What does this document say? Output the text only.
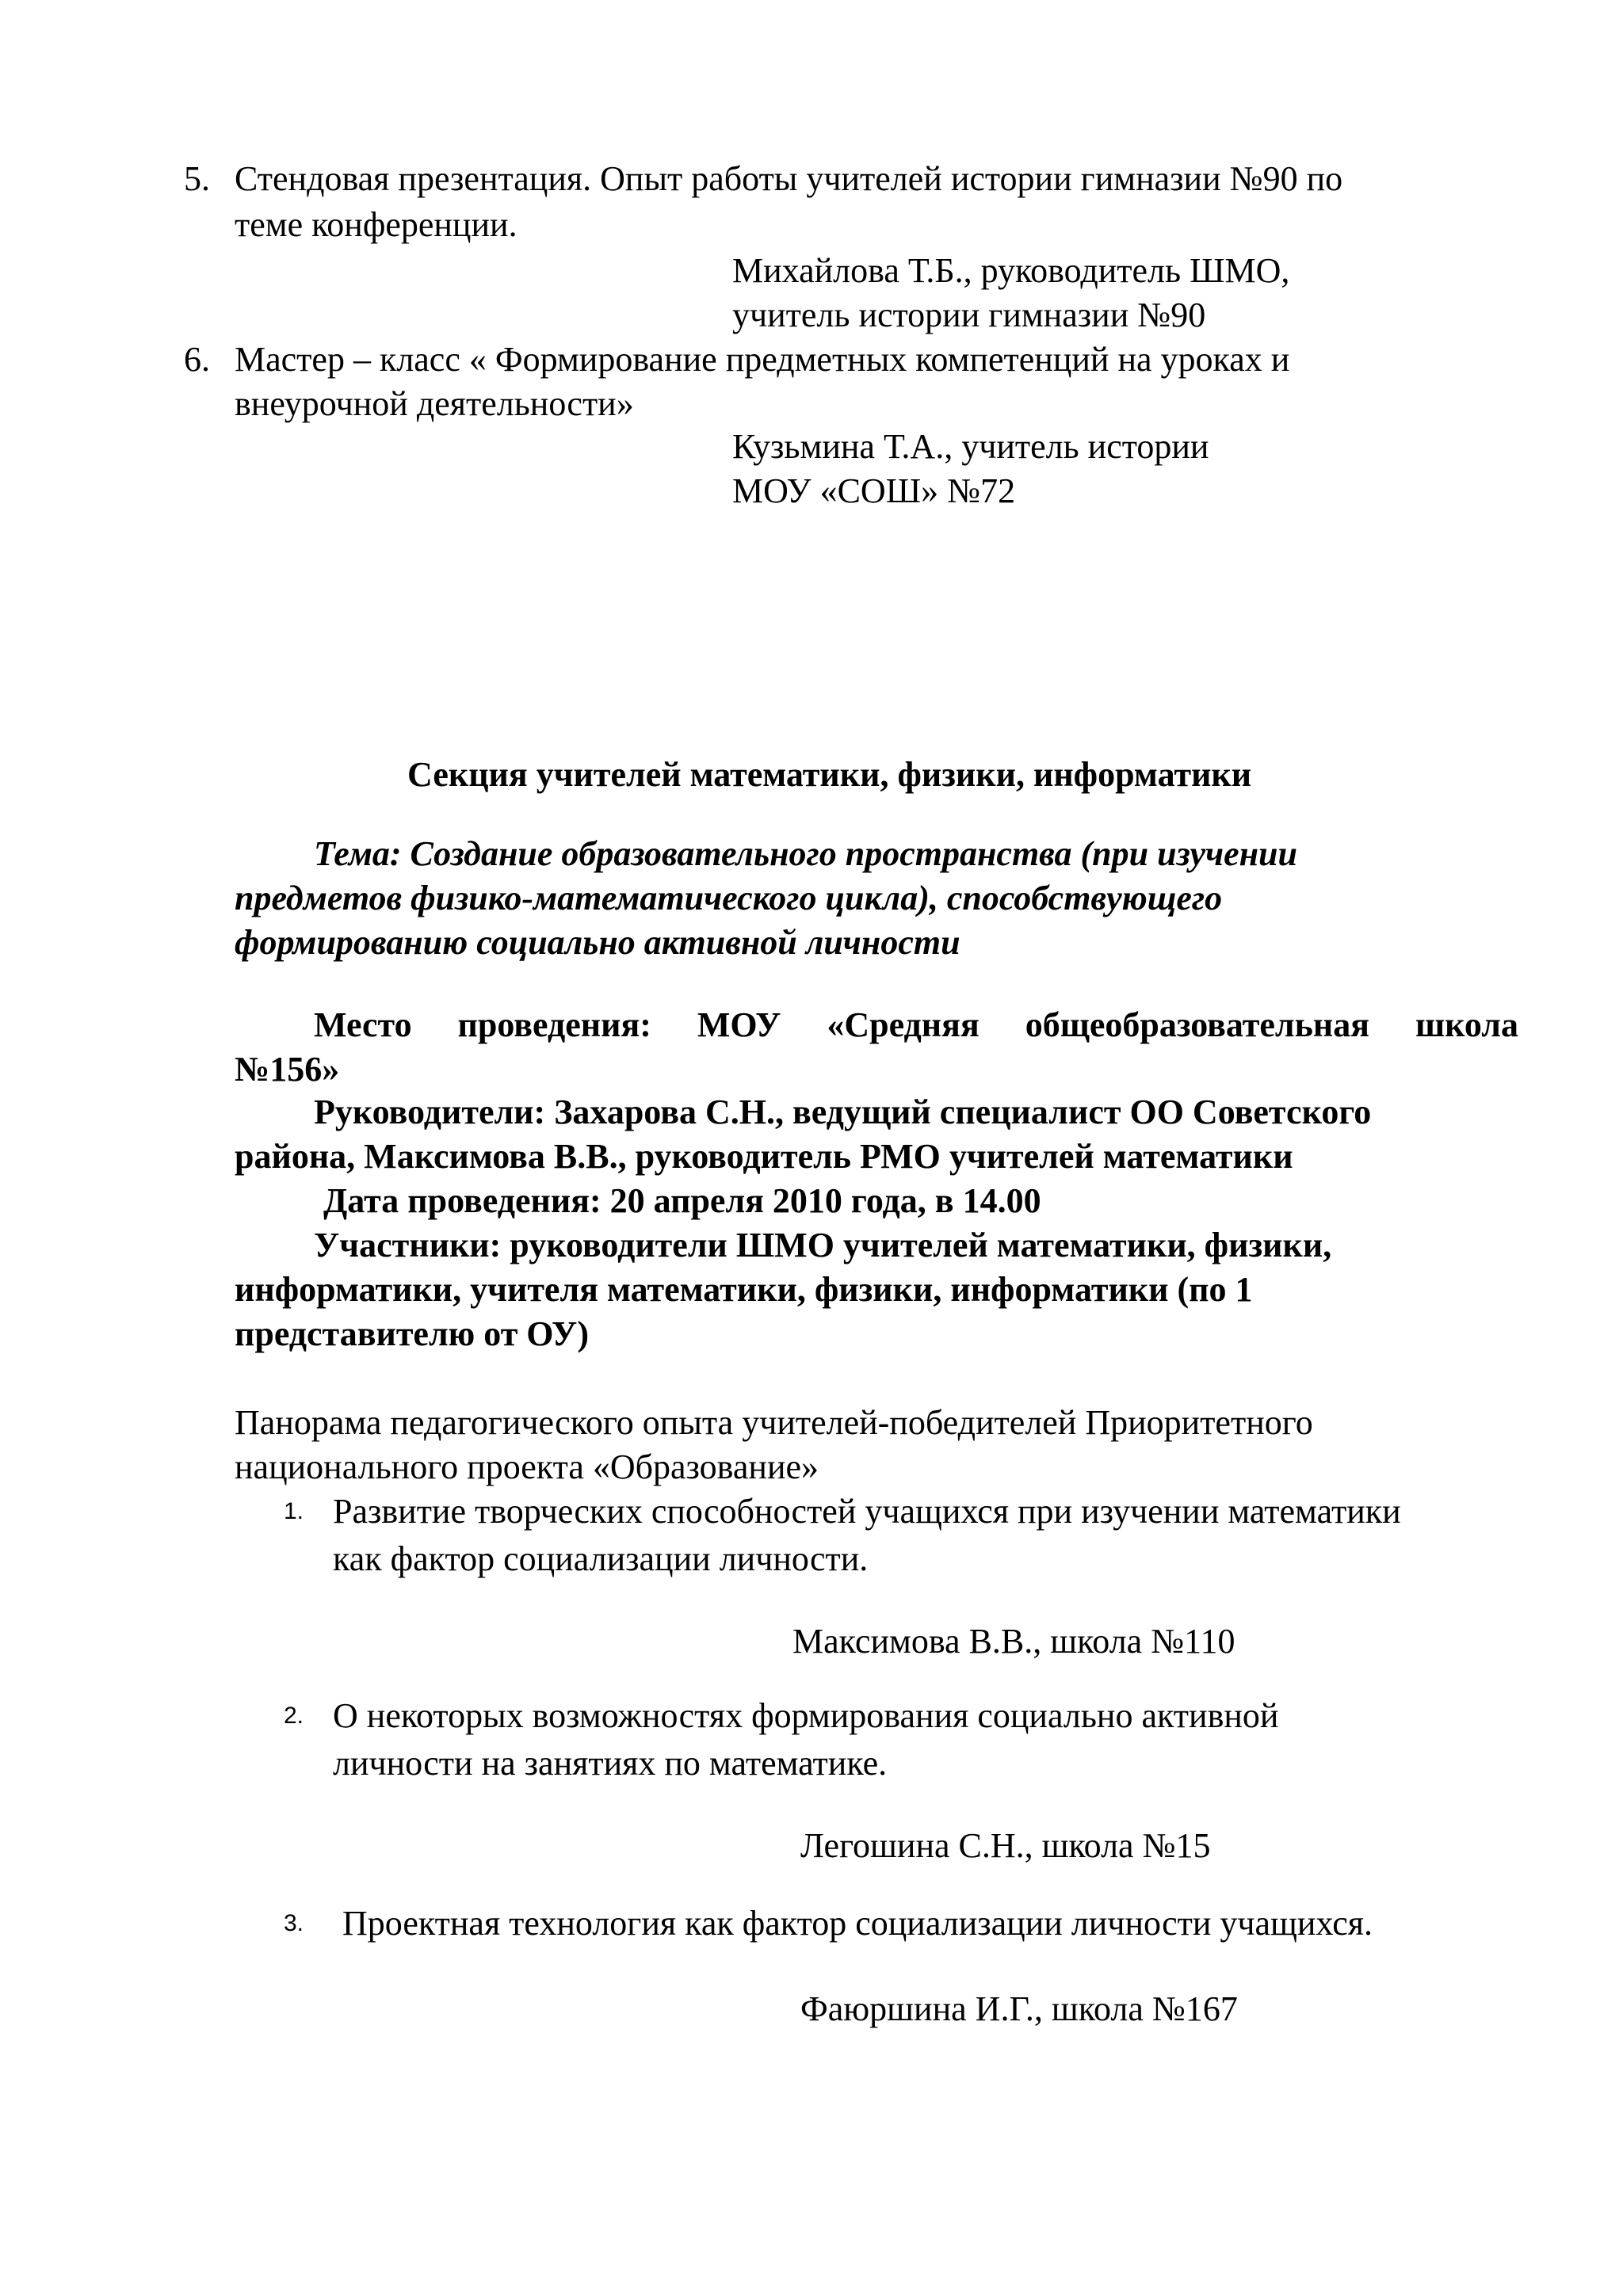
5. Стендовая презентация. Опыт работы учителей истории гимназии №90 по
теме конференции.
Михайлова Т.Б., руководитель ШМО,
учитель истории гимназии №90
6. Мастер – класс « Формирование предметных компетенций на уроках и
внеурочной деятельности»
Кузьмина Т.А., учитель истории
МОУ «СОШ» №72
Секция учителей математики, физики, информатики
Тема: Создание образовательного пространства (при изучении
предметов физико-математического цикла), способствующего
формированию социально активной личности
Место проведения: МОУ «Средняя общеобразовательная школа
№156»
Руководители: Захарова С.Н., ведущий специалист ОО Советского
района, Максимова В.В., руководитель РМО учителей математики
Дата проведения: 20 апреля 2010 года, в 14.00
Участники: руководители ШМО учителей математики, физики,
информатики, учителя математики, физики, информатики (по 1
представителю от ОУ)
Панорама педагогического опыта учителей-победителей Приоритетного
национального проекта «Образование»
1. Развитие творческих способностей учащихся при изучении математики
как фактор социализации личности.
Максимова В.В., школа №110
2. О некоторых возможностях формирования социально активной
личности на занятиях по математике.
Легошина С.Н., школа №15
3. Проектная технология как фактор социализации личности учащихся.
Фаюршина И.Г., школа №167
